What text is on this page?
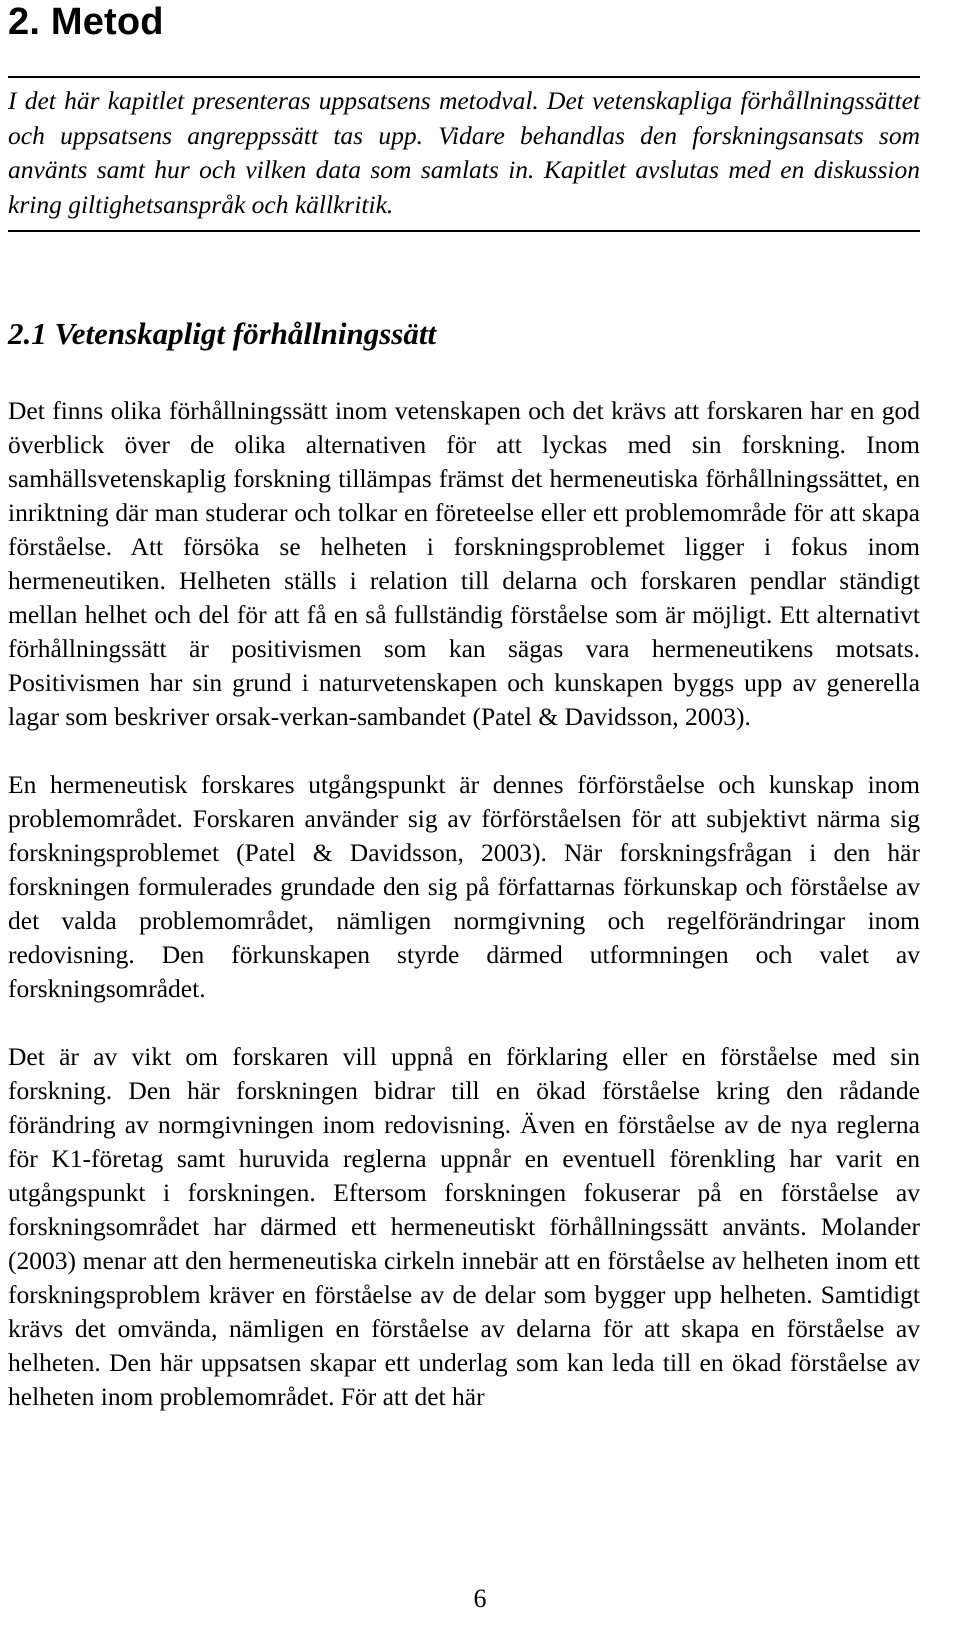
2. Metod

I det här kapitlet presenteras uppsatsens metodval. Det vetenskapliga förhållningssättet och uppsatsens angreppssätt tas upp. Vidare behandlas den forskningsansats som använts samt hur och vilken data som samlats in. Kapitlet avslutas med en diskussion kring giltighetsanspråk och källkritik.

2.1 Vetenskapligt förhållningssätt

Det finns olika förhållningssätt inom vetenskapen och det krävs att forskaren har en god överblick över de olika alternativen för att lyckas med sin forskning. Inom samhällsvetenskaplig forskning tillämpas främst det hermeneutiska förhållningssättet, en inriktning där man studerar och tolkar en företeelse eller ett problemområde för att skapa förståelse. Att försöka se helheten i forskningsproblemet ligger i fokus inom hermeneutiken. Helheten ställs i relation till delarna och forskaren pendlar ständigt mellan helhet och del för att få en så fullständig förståelse som är möjligt. Ett alternativt förhållningssätt är positivismen som kan sägas vara hermeneutikens motsats. Positivismen har sin grund i naturvetenskapen och kunskapen byggs upp av generella lagar som beskriver orsak-verkan-sambandet (Patel & Davidsson, 2003).

En hermeneutisk forskares utgångspunkt är dennes förförståelse och kunskap inom problemområdet. Forskaren använder sig av förförståelsen för att subjektivt närma sig forskningsproblemet (Patel & Davidsson, 2003). När forskningsfrågan i den här forskningen formulerades grundade den sig på författarnas förkunskap och förståelse av det valda problemområdet, nämligen normgivning och regelförändringar inom redovisning. Den förkunskapen styrde därmed utformningen och valet av forskningsområdet.

Det är av vikt om forskaren vill uppnå en förklaring eller en förståelse med sin forskning. Den här forskningen bidrar till en ökad förståelse kring den rådande förändring av normgivningen inom redovisning. Även en förståelse av de nya reglerna för K1-företag samt huruvida reglerna uppnår en eventuell förenkling har varit en utgångspunkt i forskningen. Eftersom forskningen fokuserar på en förståelse av forskningsområdet har därmed ett hermeneutiskt förhållningssätt använts. Molander (2003) menar att den hermeneutiska cirkeln innebär att en förståelse av helheten inom ett forskningsproblem kräver en förståelse av de delar som bygger upp helheten. Samtidigt krävs det omvända, nämligen en förståelse av delarna för att skapa en förståelse av helheten. Den här uppsatsen skapar ett underlag som kan leda till en ökad förståelse av helheten inom problemområdet. För att det här

6
